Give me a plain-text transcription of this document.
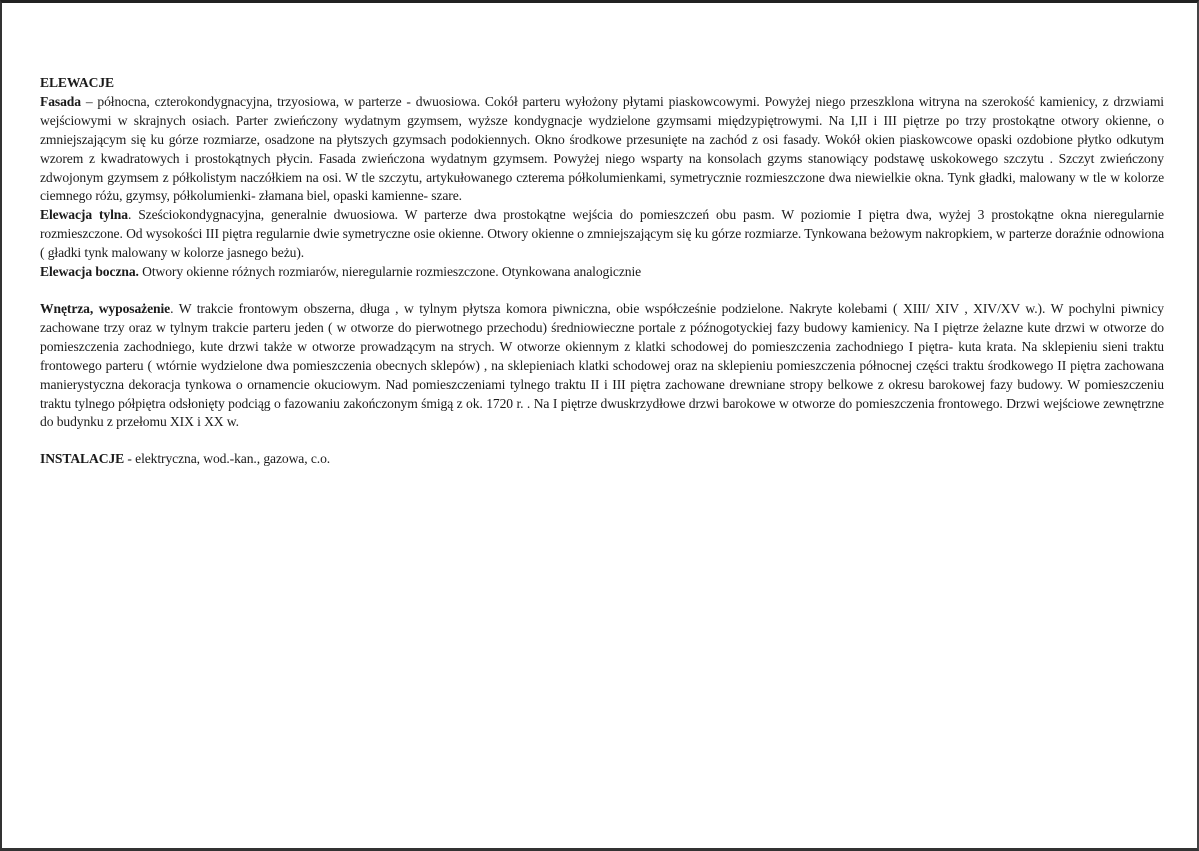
ELEWACJE

Fasada – północna, czterokondygnacyjna, trzyosiowa, w parterze - dwuosiowa. Cokół parteru wyłożony płytami piaskowcowymi. Powyżej niego przeszklona witryna na szerokość kamienicy, z drzwiami wejściowymi w skrajnych osiach. Parter zwieńczony wydatnym gzymsem, wyższe kondygnacje wydzielone gzymsami międzypiętrowymi. Na I,II i III piętrze po trzy prostokątne otwory okienne, o zmniejszającym się ku górze rozmiarze, osadzone na płytszych gzymsach podokiennych. Okno środkowe przesunięte na zachód z osi fasady. Wokół okien piaskowcowe opaski ozdobione płytko odkutym wzorem z kwadratowych i prostokątnych płycin. Fasada zwieńczona wydatnym gzymsem. Powyżej niego wsparty na konsolach gzyms stanowiący podstawę uskokowego szczytu . Szczyt zwieńczony zdwojonym gzymsem z półkolistym naczółkiem na osi. W tle szczytu, artykułowanego czterema półkolumienkami, symetrycznie rozmieszczone dwa niewielkie okna. Tynk gładki, malowany w tle w kolorze ciemnego różu, gzymsy, półkolumienki- złamana biel, opaski kamienne- szare.

Elewacja tylna. Sześciokondygnacyjna, generalnie dwuosiowa. W parterze dwa prostokątne wejścia do pomieszczeń obu pasm. W poziomie I piętra dwa, wyżej 3 prostokątne okna nieregularnie rozmieszczone. Od wysokości III piętra regularnie dwie symetryczne osie okienne. Otwory okienne o zmniejszającym się ku górze rozmiarze. Tynkowana beżowym nakropkiem, w parterze doraźnie odnowiona ( gładki tynk malowany w kolorze jasnego beżu).

Elewacja boczna. Otwory okienne różnych rozmiarów, nieregularnie rozmieszczone. Otynkowana analogicznie

Wnętrza, wyposażenie. W trakcie frontowym obszerna, długa , w tylnym płytsza komora piwniczna, obie współcześnie podzielone. Nakryte kolebami ( XIII/ XIV , XIV/XV w.). W pochylni piwnicy zachowane trzy oraz w tylnym trakcie parteru jeden ( w otworze do pierwotnego przechodu) średniowieczne portale z późnogotyckiej fazy budowy kamienicy. Na I piętrze żelazne kute drzwi w otworze do pomieszczenia zachodniego, kute drzwi także w otworze prowadzącym na strych. W otworze okiennym z klatki schodowej do pomieszczenia zachodniego I piętra- kuta krata. Na sklepieniu sieni traktu frontowego parteru ( wtórnie wydzielone dwa pomieszczenia obecnych sklepów) , na sklepieniach klatki schodowej oraz na sklepieniu pomieszczenia północnej części traktu środkowego II piętra zachowana manierystyczna dekoracja tynkowa o ornamencie okuciowym. Nad pomieszczeniami tylnego traktu II i III piętra zachowane drewniane stropy belkowe z okresu barokowej fazy budowy. W pomieszczeniu traktu tylnego półpiętra odsłonięty podciąg o fazowaniu zakończonym śmigą z ok. 1720 r. . Na I piętrze dwuskrzydłowe drzwi barokowe w otworze do pomieszczenia frontowego. Drzwi wejściowe zewnętrzne do budynku z przełomu XIX i XX w.

INSTALACJE - elektryczna, wod.-kan., gazowa, c.o.
